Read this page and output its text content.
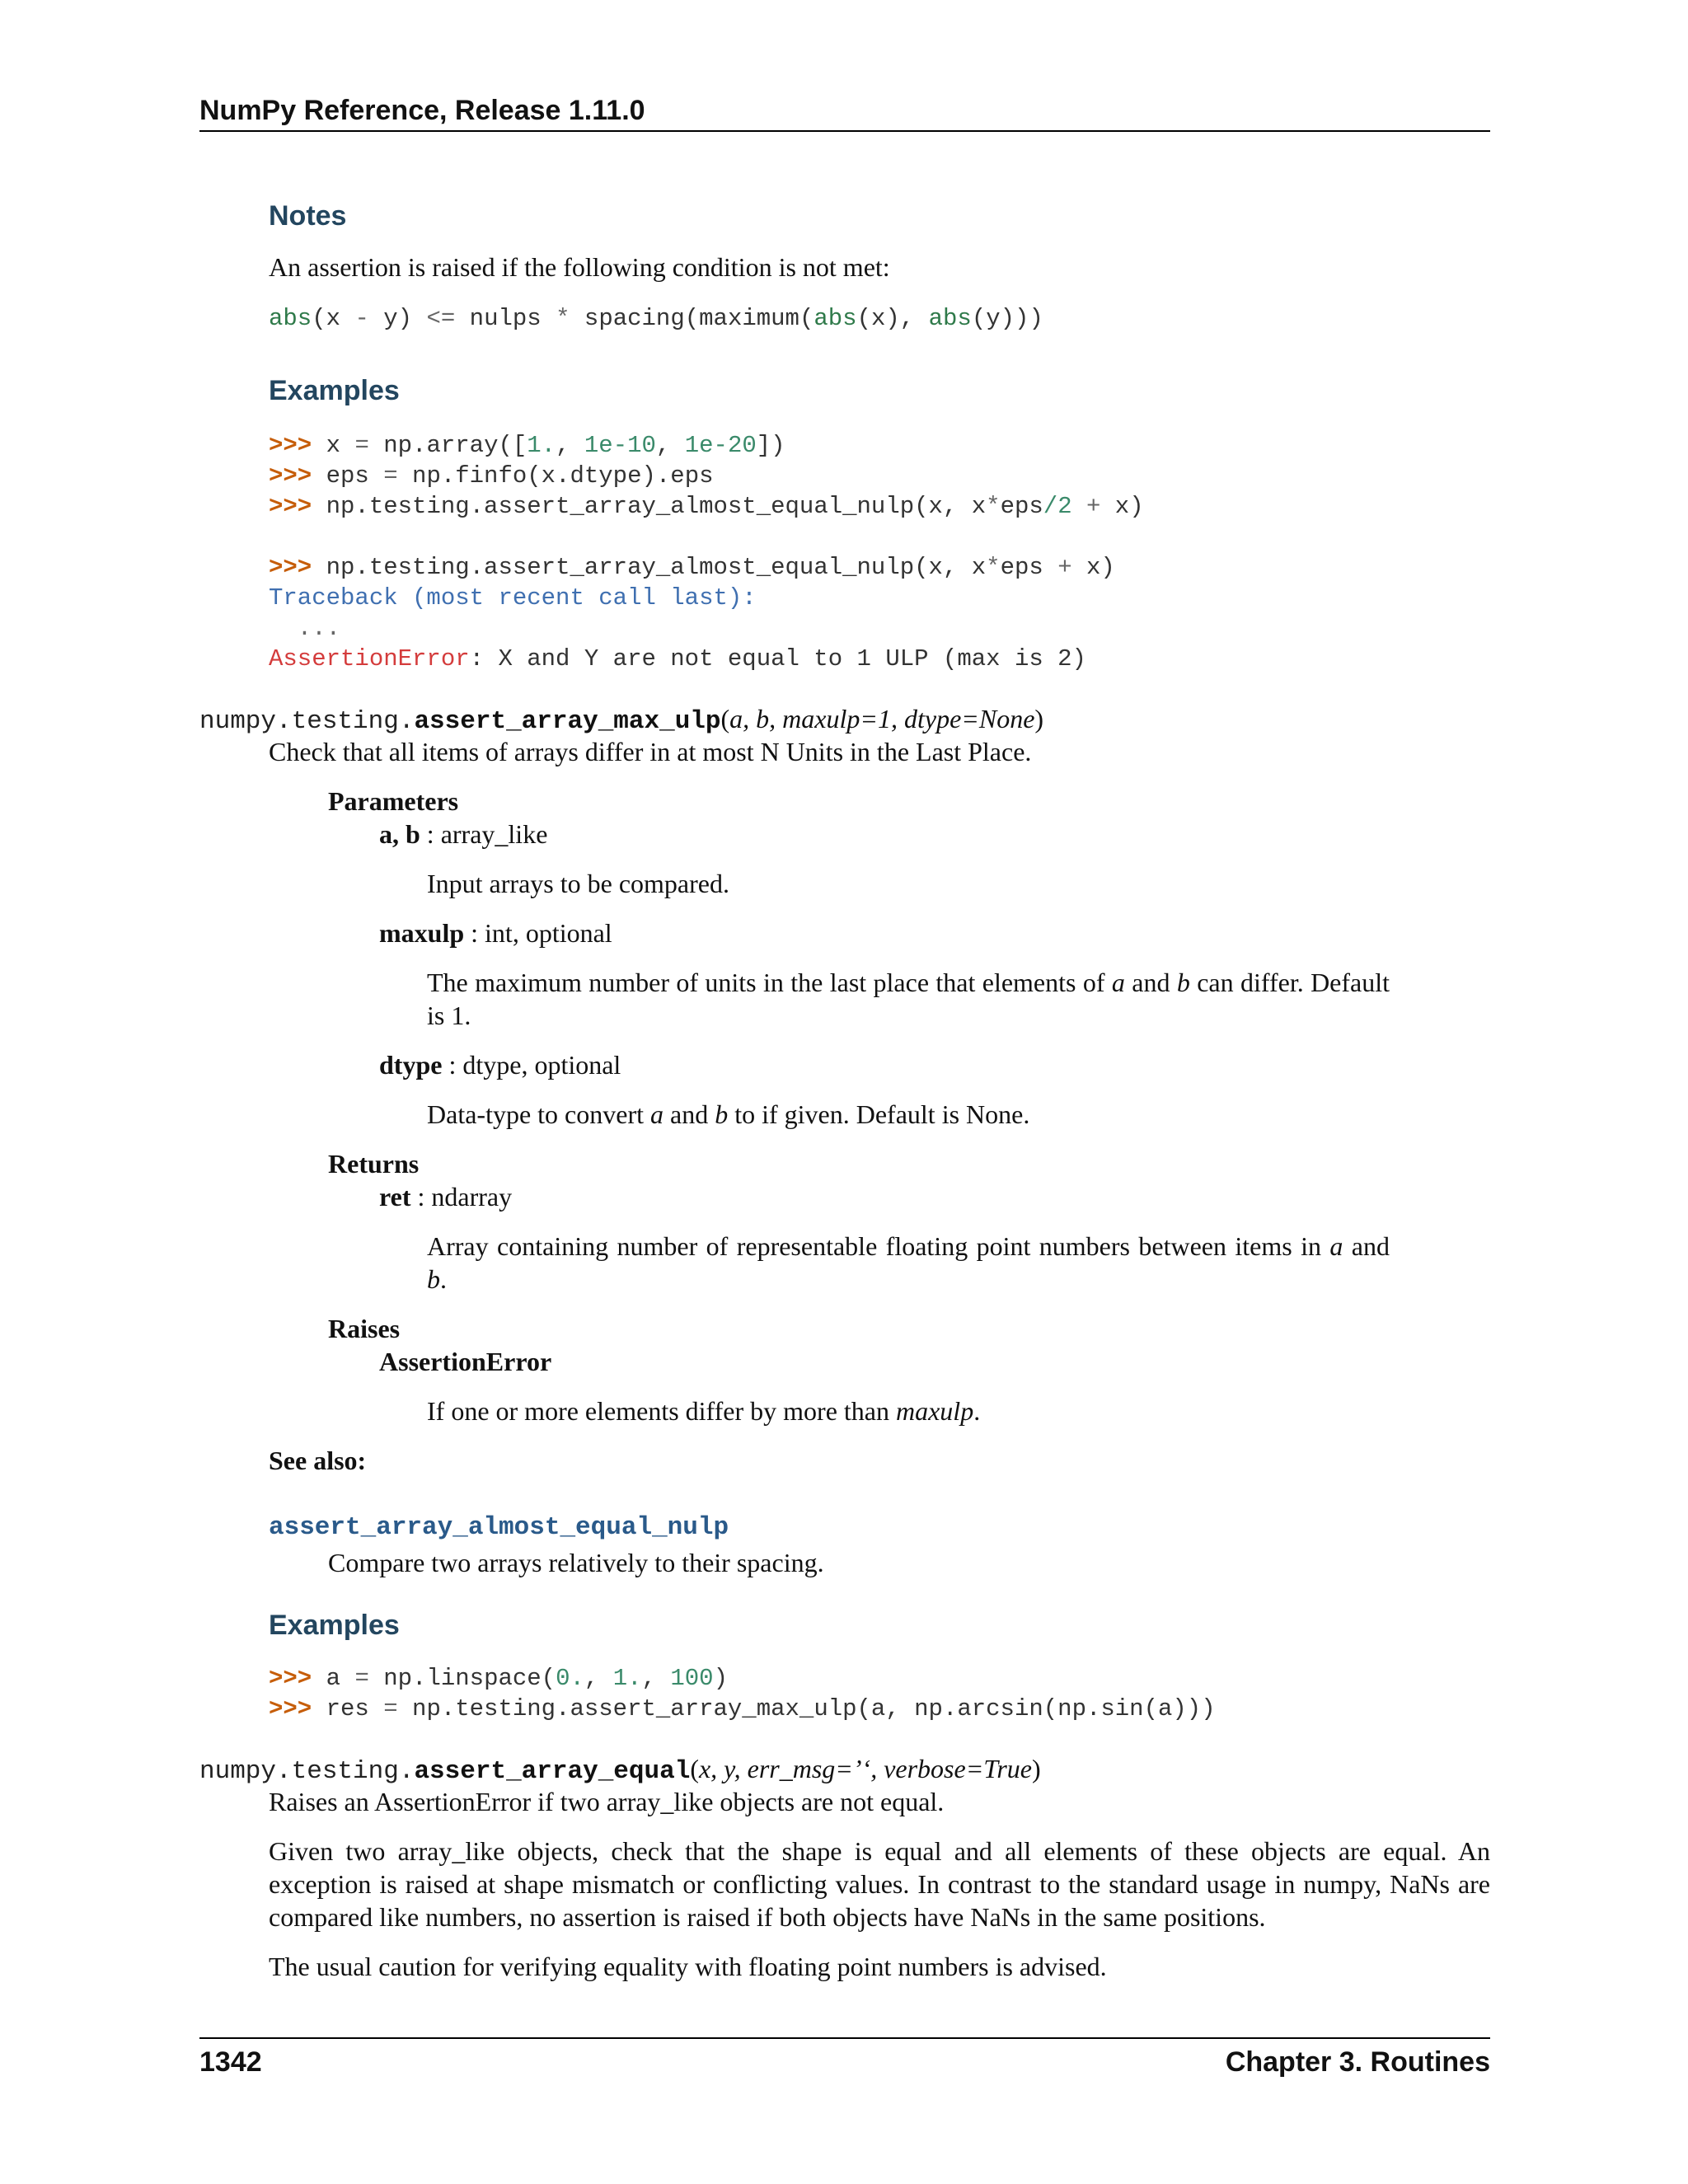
NumPy Reference, Release 1.11.0
Notes
An assertion is raised if the following condition is not met:
abs(x - y) <= nulps * spacing(maximum(abs(x), abs(y)))
Examples
>>> x = np.array([1., 1e-10, 1e-20])
>>> eps = np.finfo(x.dtype).eps
>>> np.testing.assert_array_almost_equal_nulp(x, x*eps/2 + x)

>>> np.testing.assert_array_almost_equal_nulp(x, x*eps + x)
Traceback (most recent call last):
...
AssertionError: X and Y are not equal to 1 ULP (max is 2)
numpy.testing.assert_array_max_ulp(a, b, maxulp=1, dtype=None)
Check that all items of arrays differ in at most N Units in the Last Place.
Parameters
a, b : array_like
Input arrays to be compared.
maxulp : int, optional
The maximum number of units in the last place that elements of a and b can differ. Default is 1.
dtype : dtype, optional
Data-type to convert a and b to if given. Default is None.
Returns
ret : ndarray
Array containing number of representable floating point numbers between items in a and b.
Raises
AssertionError
If one or more elements differ by more than maxulp.
See also:
assert_array_almost_equal_nulp
Compare two arrays relatively to their spacing.
Examples
>>> a = np.linspace(0., 1., 100)
>>> res = np.testing.assert_array_max_ulp(a, np.arcsin(np.sin(a)))
numpy.testing.assert_array_equal(x, y, err_msg=’‘, verbose=True)
Raises an AssertionError if two array_like objects are not equal.
Given two array_like objects, check that the shape is equal and all elements of these objects are equal. An exception is raised at shape mismatch or conflicting values. In contrast to the standard usage in numpy, NaNs are compared like numbers, no assertion is raised if both objects have NaNs in the same positions.
The usual caution for verifying equality with floating point numbers is advised.
1342	Chapter 3. Routines
